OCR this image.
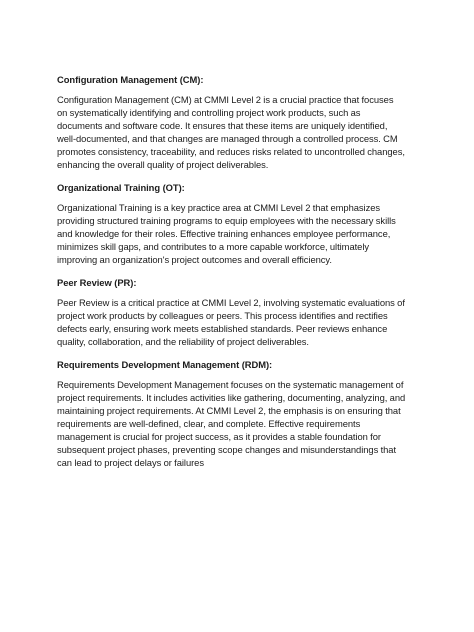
Configuration Management (CM):

Configuration Management (CM) at CMMI Level 2 is a crucial practice that focuses on systematically identifying and controlling project work products, such as documents and software code. It ensures that these items are uniquely identified, well-documented, and that changes are managed through a controlled process. CM promotes consistency, traceability, and reduces risks related to uncontrolled changes, enhancing the overall quality of project deliverables.

Organizational Training (OT):

Organizational Training is a key practice area at CMMI Level 2 that emphasizes providing structured training programs to equip employees with the necessary skills and knowledge for their roles. Effective training enhances employee performance, minimizes skill gaps, and contributes to a more capable workforce, ultimately improving an organization's project outcomes and overall efficiency.

Peer Review (PR):

Peer Review is a critical practice at CMMI Level 2, involving systematic evaluations of project work products by colleagues or peers. This process identifies and rectifies defects early, ensuring work meets established standards. Peer reviews enhance quality, collaboration, and the reliability of project deliverables.

Requirements Development Management (RDM):

Requirements Development Management focuses on the systematic management of project requirements. It includes activities like gathering, documenting, analyzing, and maintaining project requirements. At CMMI Level 2, the emphasis is on ensuring that requirements are well-defined, clear, and complete. Effective requirements management is crucial for project success, as it provides a stable foundation for subsequent project phases, preventing scope changes and misunderstandings that can lead to project delays or failures
